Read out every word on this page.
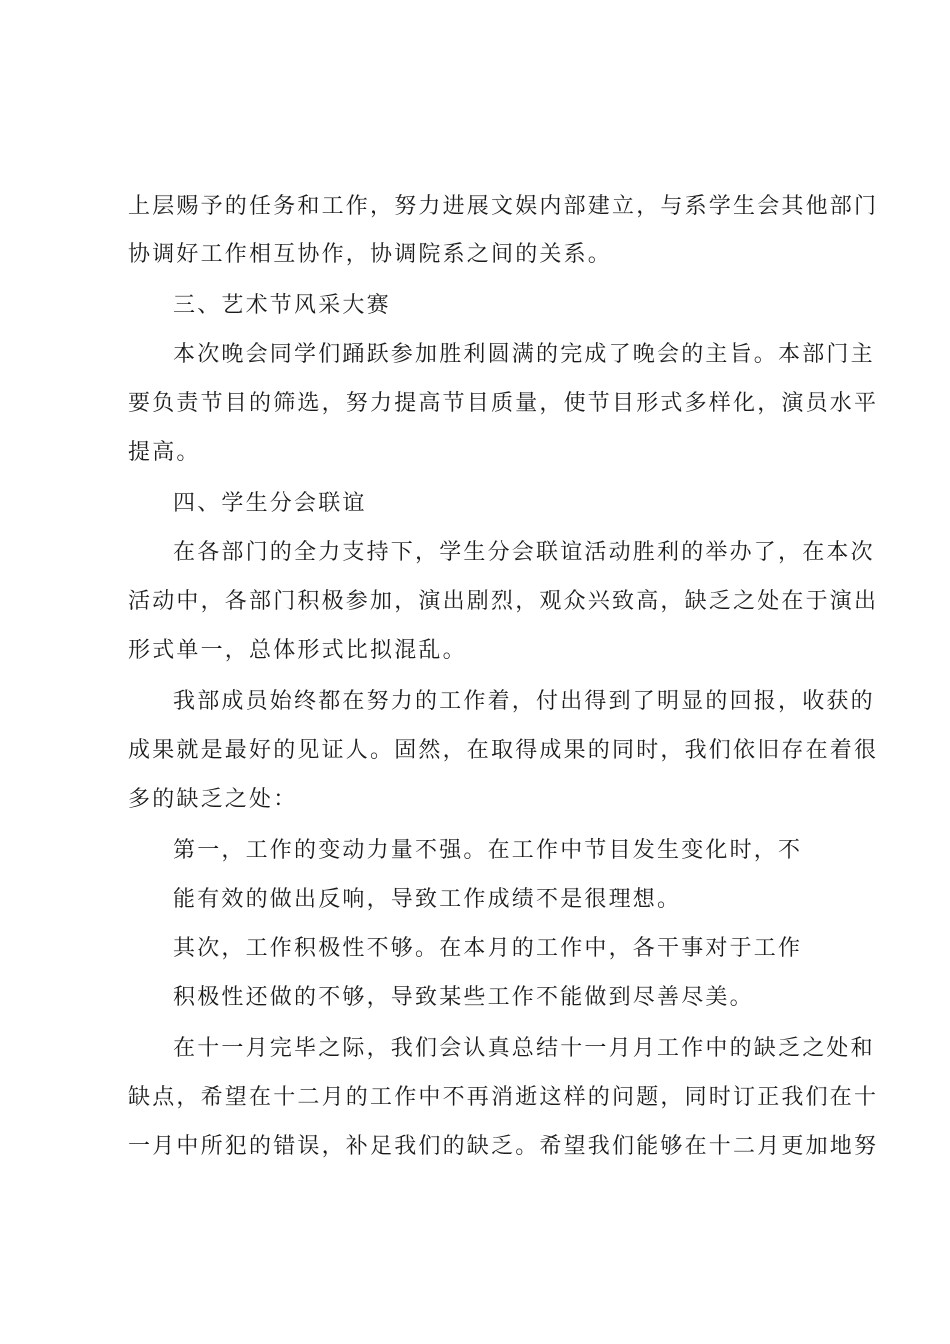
上层赐予的任务和工作，努力进展文娱内部建立，与系学生会其他部门
协调好工作相互协作，协调院系之间的关系。
三、艺术节风采大赛
本次晚会同学们踊跃参加胜利圆满的完成了晚会的主旨。本部门主
要负责节目的筛选，努力提高节目质量，使节目形式多样化，演员水平
提高。
四、学生分会联谊
在各部门的全力支持下，学生分会联谊活动胜利的举办了，在本次
活动中，各部门积极参加，演出剧烈，观众兴致高，缺乏之处在于演出
形式单一，总体形式比拟混乱。
我部成员始终都在努力的工作着，付出得到了明显的回报，收获的
成果就是最好的见证人。固然，在取得成果的同时，我们依旧存在着很
多的缺乏之处：
第一，工作的变动力量不强。在工作中节目发生变化时，不
能有效的做出反响，导致工作成绩不是很理想。
其次，工作积极性不够。在本月的工作中，各干事对于工作
积极性还做的不够，导致某些工作不能做到尽善尽美。
在十一月完毕之际，我们会认真总结十一月月工作中的缺乏之处和
缺点，希望在十二月的工作中不再消逝这样的问题，同时订正我们在十
一月中所犯的错误，补足我们的缺乏。希望我们能够在十二月更加地努
